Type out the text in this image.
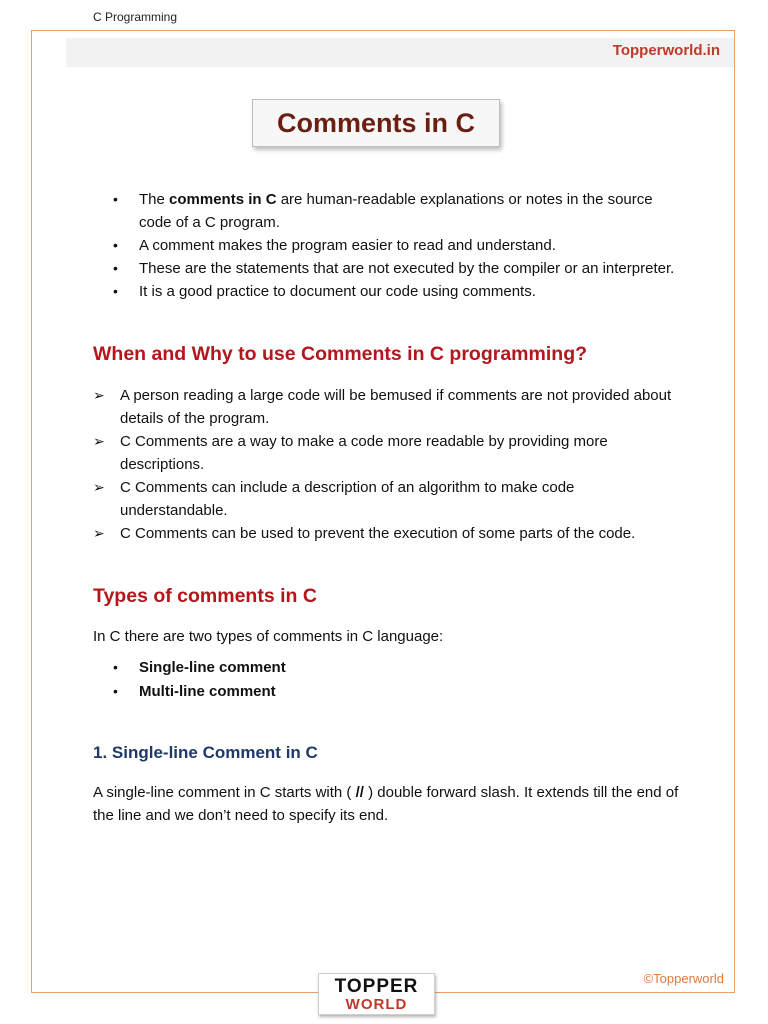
C Programming
Topperworld.in
Comments in C
• The comments in C are human-readable explanations or notes in the source code of a C program.
• A comment makes the program easier to read and understand.
• These are the statements that are not executed by the compiler or an interpreter.
• It is a good practice to document our code using comments.
When and Why to use Comments in C programming?
➢ A person reading a large code will be bemused if comments are not provided about details of the program.
➢ C Comments are a way to make a code more readable by providing more descriptions.
➢ C Comments can include a description of an algorithm to make code understandable.
➢ C Comments can be used to prevent the execution of some parts of the code.
Types of comments in C

In C there are two types of comments in C language:

• Single-line comment
• Multi-line comment
1. Single-line Comment in C

A single-line comment in C starts with ( // ) double forward slash. It extends till the end of the line and we don’t need to specify its end.

©Topperworld
TOPPER
WORLD
